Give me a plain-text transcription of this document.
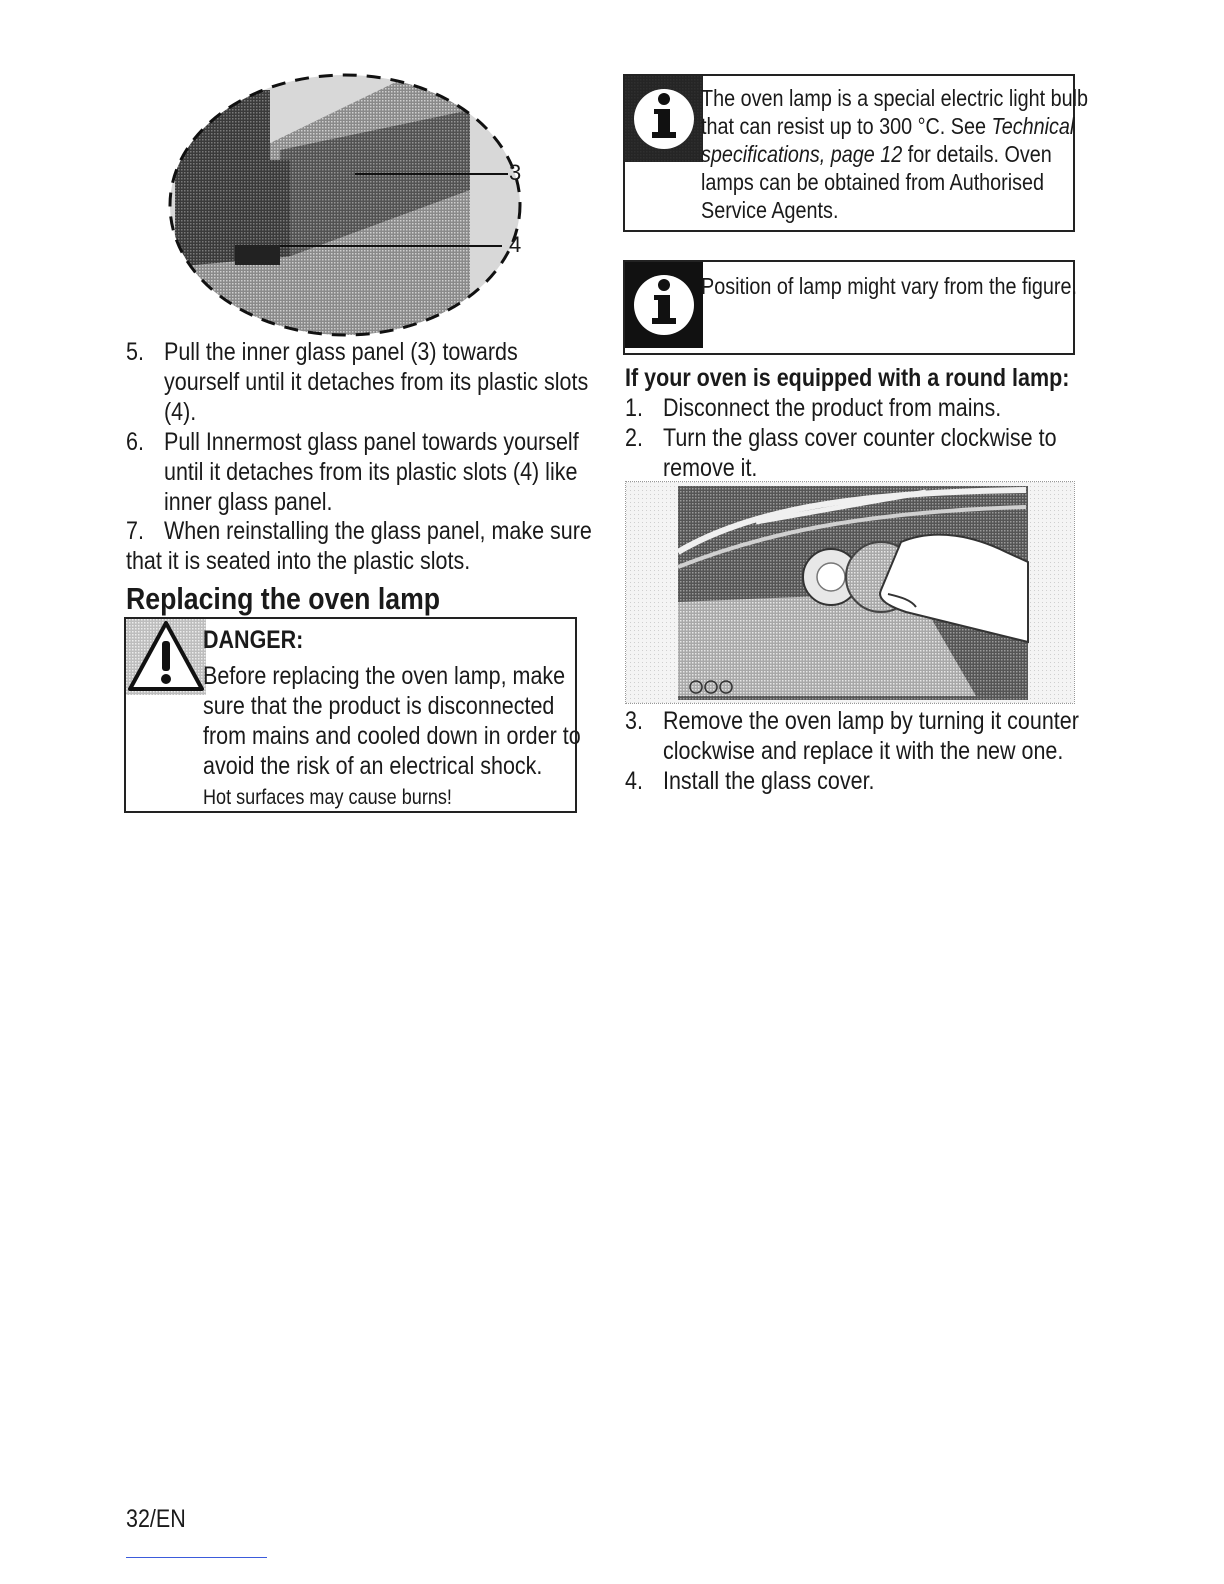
3
4
5. Pull the inner glass panel (3) towards
yourself until it detaches from its plastic slots
(4).
6. Pull Innermost glass panel towards yourself
until it detaches from its plastic slots (4) like
inner glass panel.
7. When reinstalling the glass panel, make sure
that it is seated into the plastic slots.
Replacing the oven lamp
DANGER:
Before replacing the oven lamp, make
sure that the product is disconnected
from mains and cooled down in order to
avoid the risk of an electrical shock.
Hot surfaces may cause burns!
The oven lamp is a special electric light bulb
that can resist up to 300 °C. See Technical
specifications, page 12 for details. Oven
lamps can be obtained from Authorised
Service Agents.
Position of lamp might vary from the figure.
If your oven is equipped with a round lamp:
1. Disconnect the product from mains.
2. Turn the glass cover counter clockwise to
remove it.
3. Remove the oven lamp by turning it counter
clockwise and replace it with the new one.
4. Install the glass cover.
32/EN
